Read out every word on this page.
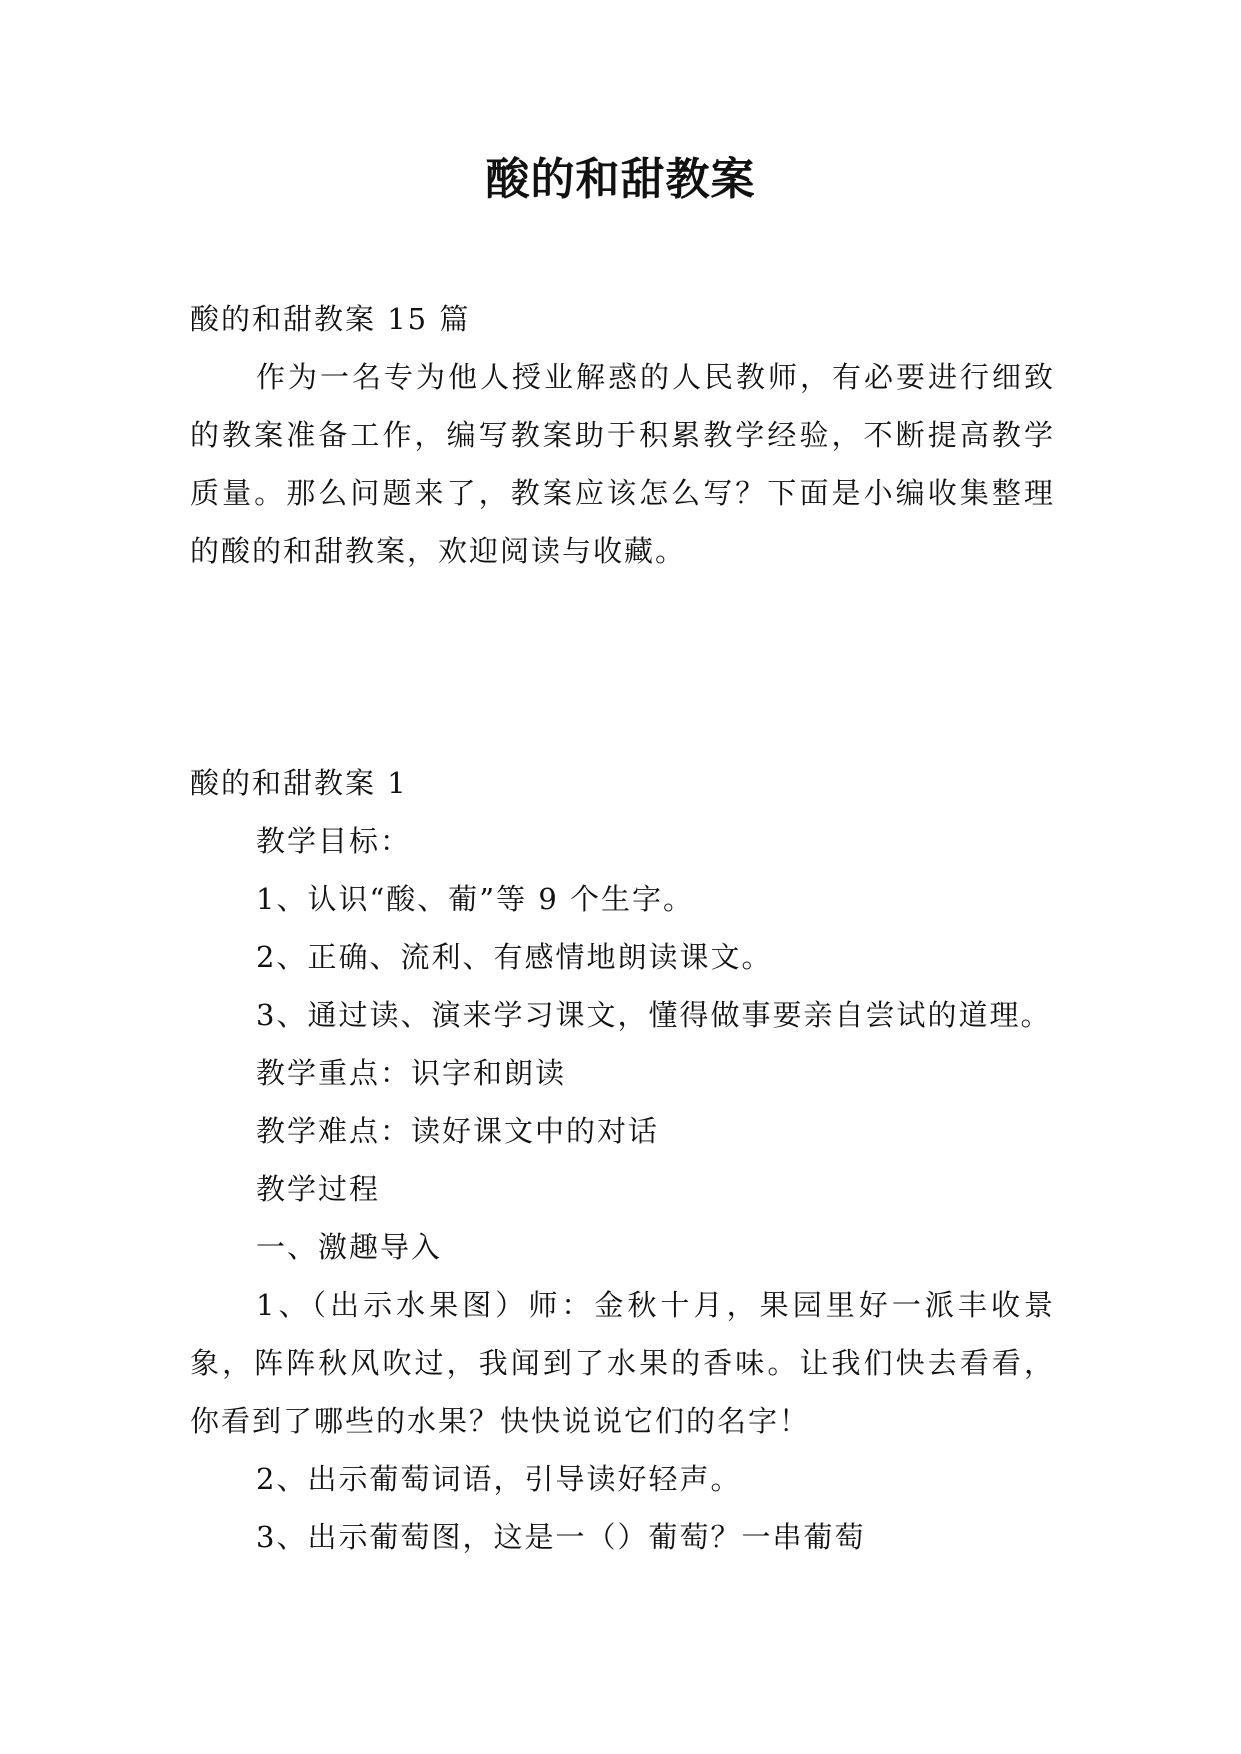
酸的和甜教案

酸的和甜教案 15 篇

作为一名专为他人授业解惑的人民教师，有必要进行细致的教案准备工作，编写教案助于积累教学经验，不断提高教学质量。那么问题来了，教案应该怎么写？下面是小编收集整理的酸的和甜教案，欢迎阅读与收藏。

酸的和甜教案 1

教学目标：

1、认识“酸、葡”等 9 个生字。

2、正确、流利、有感情地朗读课文。

3、通过读、演来学习课文，懂得做事要亲自尝试的道理。

教学重点：识字和朗读

教学难点：读好课文中的对话

教学过程

一、激趣导入

1、（出示水果图）师：金秋十月，果园里好一派丰收景象，阵阵秋风吹过，我闻到了水果的香味。让我们快去看看，你看到了哪些的水果？快快说说它们的名字！

2、出示葡萄词语，引导读好轻声。

3、出示葡萄图，这是一（）葡萄？一串葡萄
